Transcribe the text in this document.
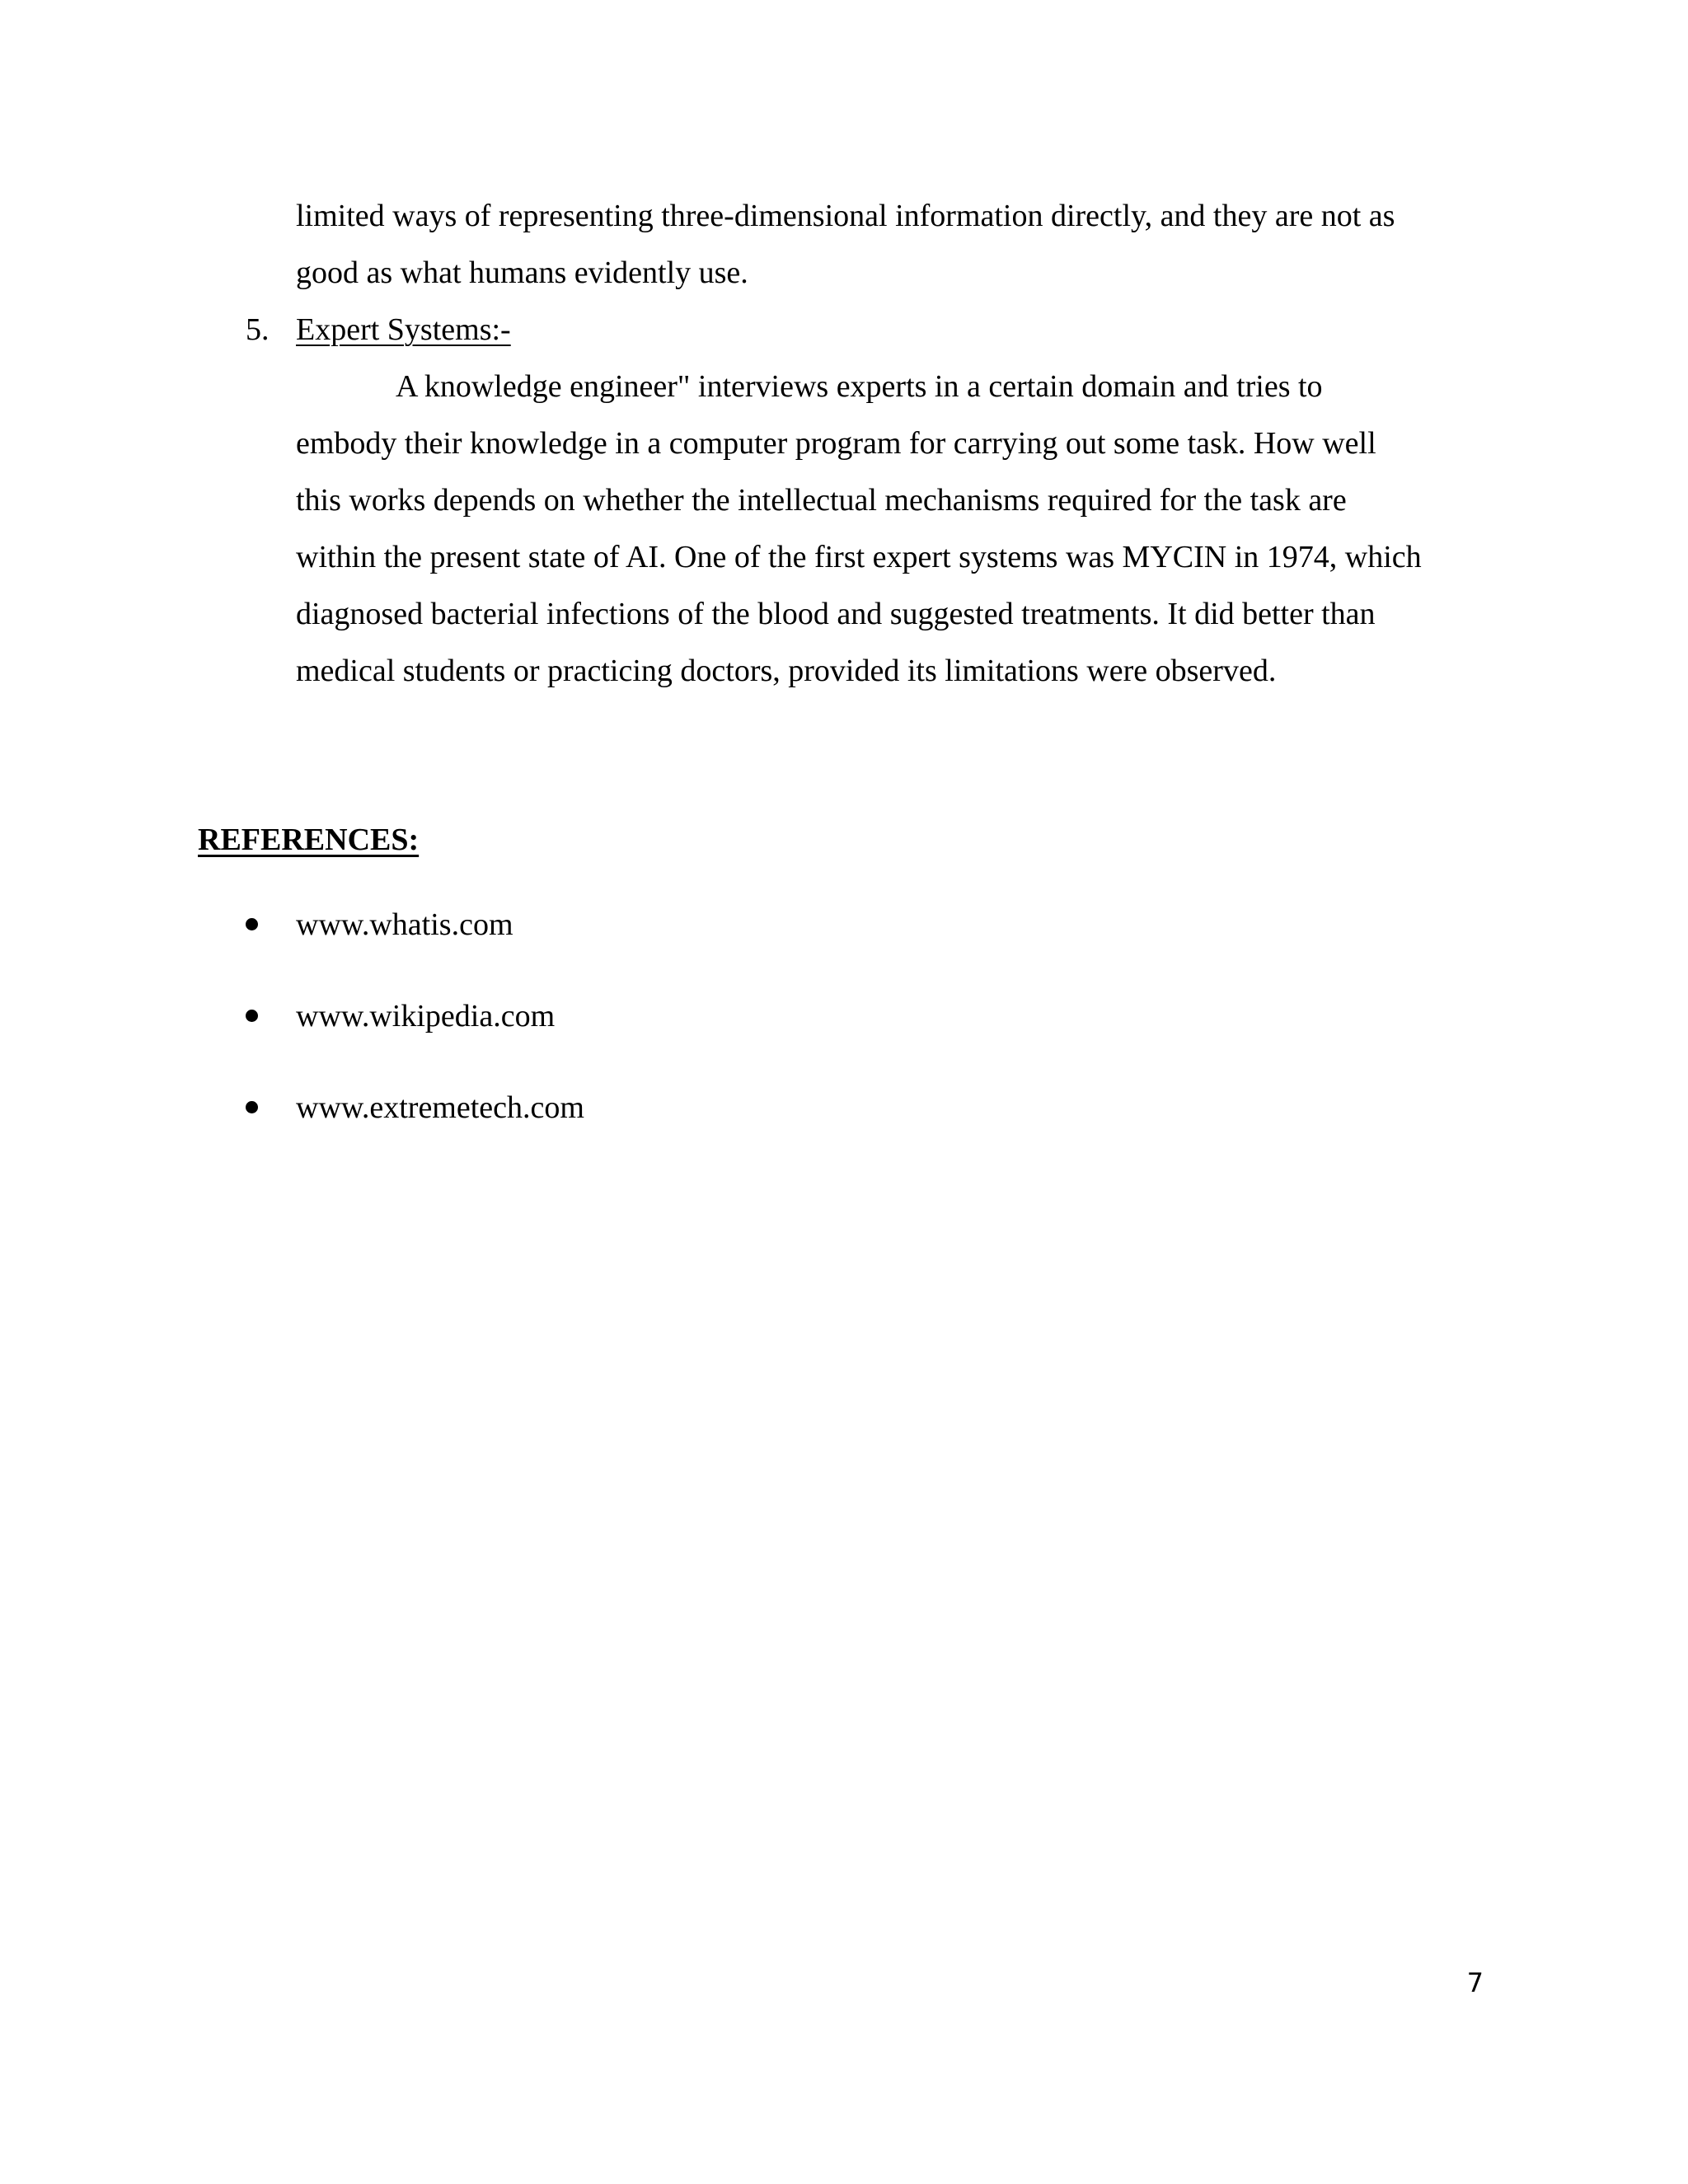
limited ways of representing three-dimensional information directly, and they are not as
good as what humans evidently use.
5. Expert Systems:-
A knowledge engineer" interviews experts in a certain domain and tries to
embody their knowledge in a computer program for carrying out some task. How well
this works depends on whether the intellectual mechanisms required for the task are
within the present state of AI. One of the first expert systems was MYCIN in 1974, which
diagnosed bacterial infections of the blood and suggested treatments. It did better than
medical students or practicing doctors, provided its limitations were observed.
REFERENCES:
www.whatis.com
www.wikipedia.com
www.extremetech.com
7
